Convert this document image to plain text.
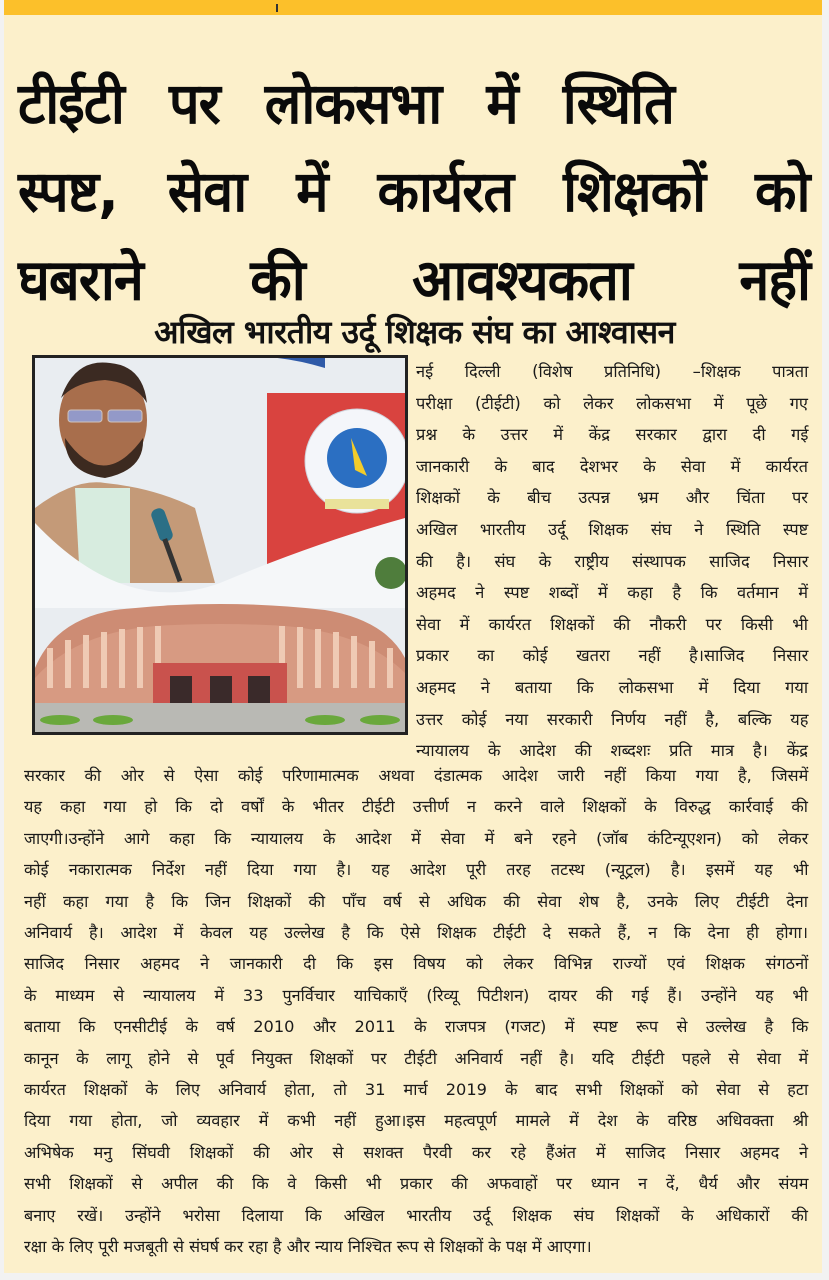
टीईटी पर लोकसभा में स्थिति
स्पष्ट, सेवा में कार्यरत शिक्षकों को
घबराने की आवश्यकता नहीं
अखिल भारतीय उर्दू शिक्षक संघ का आश्वासन
नई दिल्ली (विशेष प्रतिनिधि) –शिक्षक पात्रता
परीक्षा (टीईटी) को लेकर लोकसभा में पूछे गए
प्रश्न के उत्तर में केंद्र सरकार द्वारा दी गई
जानकारी के बाद देशभर के सेवा में कार्यरत
शिक्षकों के बीच उत्पन्न भ्रम और चिंता पर
अखिल भारतीय उर्दू शिक्षक संघ ने स्थिति स्पष्ट
की है। संघ के राष्ट्रीय संस्थापक साजिद निसार
अहमद ने स्पष्ट शब्दों में कहा है कि वर्तमान में
सेवा में कार्यरत शिक्षकों की नौकरी पर किसी भी
प्रकार का कोई खतरा नहीं है।साजिद निसार
अहमद ने बताया कि लोकसभा में दिया गया
उत्तर कोई नया सरकारी निर्णय नहीं है, बल्कि यह
न्यायालय के आदेश की शब्दशः प्रति मात्र है। केंद्र
सरकार की ओर से ऐसा कोई परिणामात्मक अथवा दंडात्मक आदेश जारी नहीं किया गया है, जिसमें
यह कहा गया हो कि दो वर्षों के भीतर टीईटी उत्तीर्ण न करने वाले शिक्षकों के विरुद्ध कार्रवाई की
जाएगी।उन्होंने आगे कहा कि न्यायालय के आदेश में सेवा में बने रहने (जॉब कंटिन्यूएशन) को लेकर
कोई नकारात्मक निर्देश नहीं दिया गया है। यह आदेश पूरी तरह तटस्थ (न्यूट्रल) है। इसमें यह भी
नहीं कहा गया है कि जिन शिक्षकों की पाँच वर्ष से अधिक की सेवा शेष है, उनके लिए टीईटी देना
अनिवार्य है। आदेश में केवल यह उल्लेख है कि ऐसे शिक्षक टीईटी दे सकते हैं, न कि देना ही होगा।
साजिद निसार अहमद ने जानकारी दी कि इस विषय को लेकर विभिन्न राज्यों एवं शिक्षक संगठनों
के माध्यम से न्यायालय में 33 पुनर्विचार याचिकाएँ (रिव्यू पिटीशन) दायर की गई हैं। उन्होंने यह भी
बताया कि एनसीटीई के वर्ष 2010 और 2011 के राजपत्र (गजट) में स्पष्ट रूप से उल्लेख है कि
कानून के लागू होने से पूर्व नियुक्त शिक्षकों पर टीईटी अनिवार्य नहीं है। यदि टीईटी पहले से सेवा में
कार्यरत शिक्षकों के लिए अनिवार्य होता, तो 31 मार्च 2019 के बाद सभी शिक्षकों को सेवा से हटा
दिया गया होता, जो व्यवहार में कभी नहीं हुआ।इस महत्वपूर्ण मामले में देश के वरिष्ठ अधिवक्ता श्री
अभिषेक मनु सिंघवी शिक्षकों की ओर से सशक्त पैरवी कर रहे हैंअंत में साजिद निसार अहमद ने
सभी शिक्षकों से अपील की कि वे किसी भी प्रकार की अफवाहों पर ध्यान न दें, धैर्य और संयम
बनाए रखें। उन्होंने भरोसा दिलाया कि अखिल भारतीय उर्दू शिक्षक संघ शिक्षकों के अधिकारों की
रक्षा के लिए पूरी मजबूती से संघर्ष कर रहा है और न्याय निश्चित रूप से शिक्षकों के पक्ष में आएगा।
